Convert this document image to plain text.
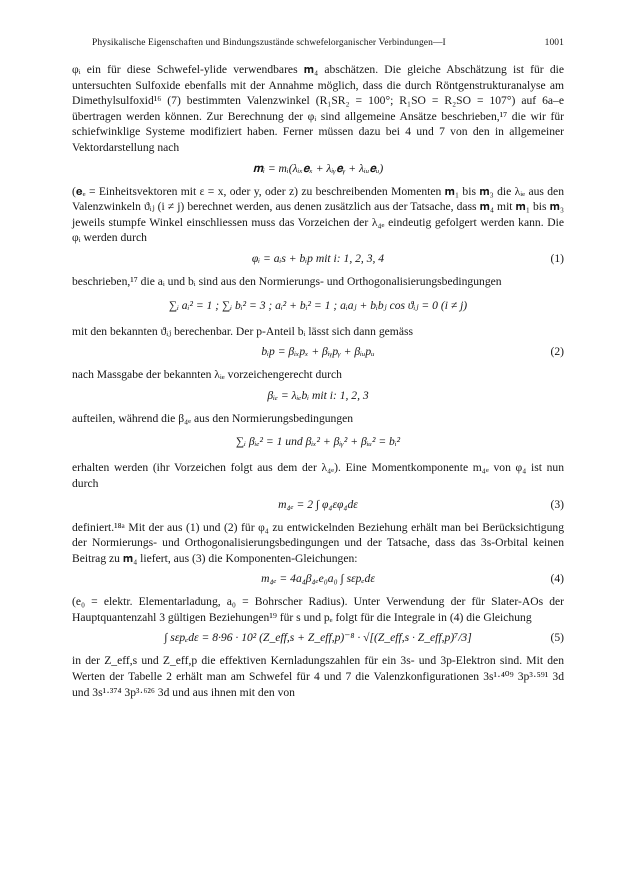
Physikalische Eigenschaften und Bindungszustände schwefelorganischer Verbindungen—I	1001
φᵢ ein für diese Schwefel-ylide verwendbares 𝐦₄ abschätzen. Die gleiche Abschätzung ist für die untersuchten Sulfoxide ebenfalls mit der Annahme möglich, dass die durch Röntgenstrukturanalyse am Dimethylsulfoxid¹⁶ (7) bestimmten Valenzwinkel (R₁SR₂ = 100°; R₁SO = R₂SO = 107°) auf 6a–e übertragen werden können. Zur Berechnung der φᵢ sind allgemeine Ansätze beschrieben,¹⁷ die wir für schiefwinklige Systeme modifiziert haben. Ferner müssen dazu bei 4 und 7 von den in allgemeiner Vektordarstellung nach
𝐦ᵢ = mᵢ(λᵢₓ𝐞ₓ + λᵢᵧ𝐞ᵧ + λᵢᵤ𝐞ᵤ)
(𝐞ₑ = Einheitsvektoren mit ε = x, oder y, oder z) zu beschreibenden Momenten 𝐦₁ bis 𝐦₃ die λᵢₑ aus den Valenzwinkeln ϑᵢⱼ (i ≠ j) berechnet werden, aus denen zusätzlich aus der Tatsache, dass 𝐦₄ mit 𝐦₁ bis 𝐦₃ jeweils stumpfe Winkel einschliessen muss das Vorzeichen der λ₄ₑ eindeutig gefolgert werden kann. Die φᵢ werden durch
φᵢ = aᵢs + bᵢp mit i: 1, 2, 3, 4	(1)
beschrieben,¹⁷ die aᵢ und bᵢ sind aus den Normierungs- und Orthogonalisierungsbedingungen
∑ᵢ aᵢ² = 1 ; ∑ᵢ bᵢ² = 3 ; aᵢ² + bᵢ² = 1 ; aᵢaⱼ + bᵢbⱼ cos ϑᵢⱼ = 0 (i ≠ j)
mit den bekannten ϑᵢⱼ berechenbar. Der p-Anteil bᵢ lässt sich dann gemäss
bᵢp = βᵢₓpₓ + βᵢᵧpᵧ + βᵢᵤpᵤ	(2)
nach Massgabe der bekannten λᵢₑ vorzeichengerecht durch
βᵢₑ = λᵢₑbᵢ mit i: 1, 2, 3
aufteilen, während die β₄ₑ aus den Normierungsbedingungen
∑ᵢ βᵢₑ² = 1 und βᵢₓ² + βᵢᵧ² + βᵢᵤ² = bᵢ²
erhalten werden (ihr Vorzeichen folgt aus dem der λ₄ₑ). Eine Momentkomponente m₄ₑ von φ₄ ist nun durch
m₄ₑ = 2 ∫ φ₄εφ₄dε	(3)
definiert.¹⁸ᵃ Mit der aus (1) und (2) für φ₄ zu entwickelnden Beziehung erhält man bei Berücksichtigung der Normierungs- und Orthogonalisierungsbedingungen und der Tatsache, dass das 3s-Orbital keinen Beitrag zu 𝐦₄ liefert, aus (3) die Komponenten-Gleichungen:
m₄ₑ = 4a₄β₄ₑe₀a₀ ∫ sεpₑdε	(4)
(e₀ = elektr. Elementarladung, a₀ = Bohrscher Radius). Unter Verwendung der für Slater-AOs der Hauptquantenzahl 3 gültigen Beziehungen¹⁹ für s und pₑ folgt für die Integrale in (4) die Gleichung
∫ sεpₑdε = 8·96 · 10² (Z_eff,s + Z_eff,p)⁻⁸ · √[(Z_eff,s · Z_eff,p)⁷/3]	(5)
in der Z_eff,s und Z_eff,p die effektiven Kernladungszahlen für ein 3s- und 3p-Elektron sind. Mit den Werten der Tabelle 2 erhält man am Schwefel für 4 und 7 die Valenzkonfigurationen 3s¹·⁴⁰⁹ 3p³·⁵⁹¹ 3d und 3s¹·³⁷⁴ 3p³·⁶²⁶ 3d und aus ihnen mit den von
